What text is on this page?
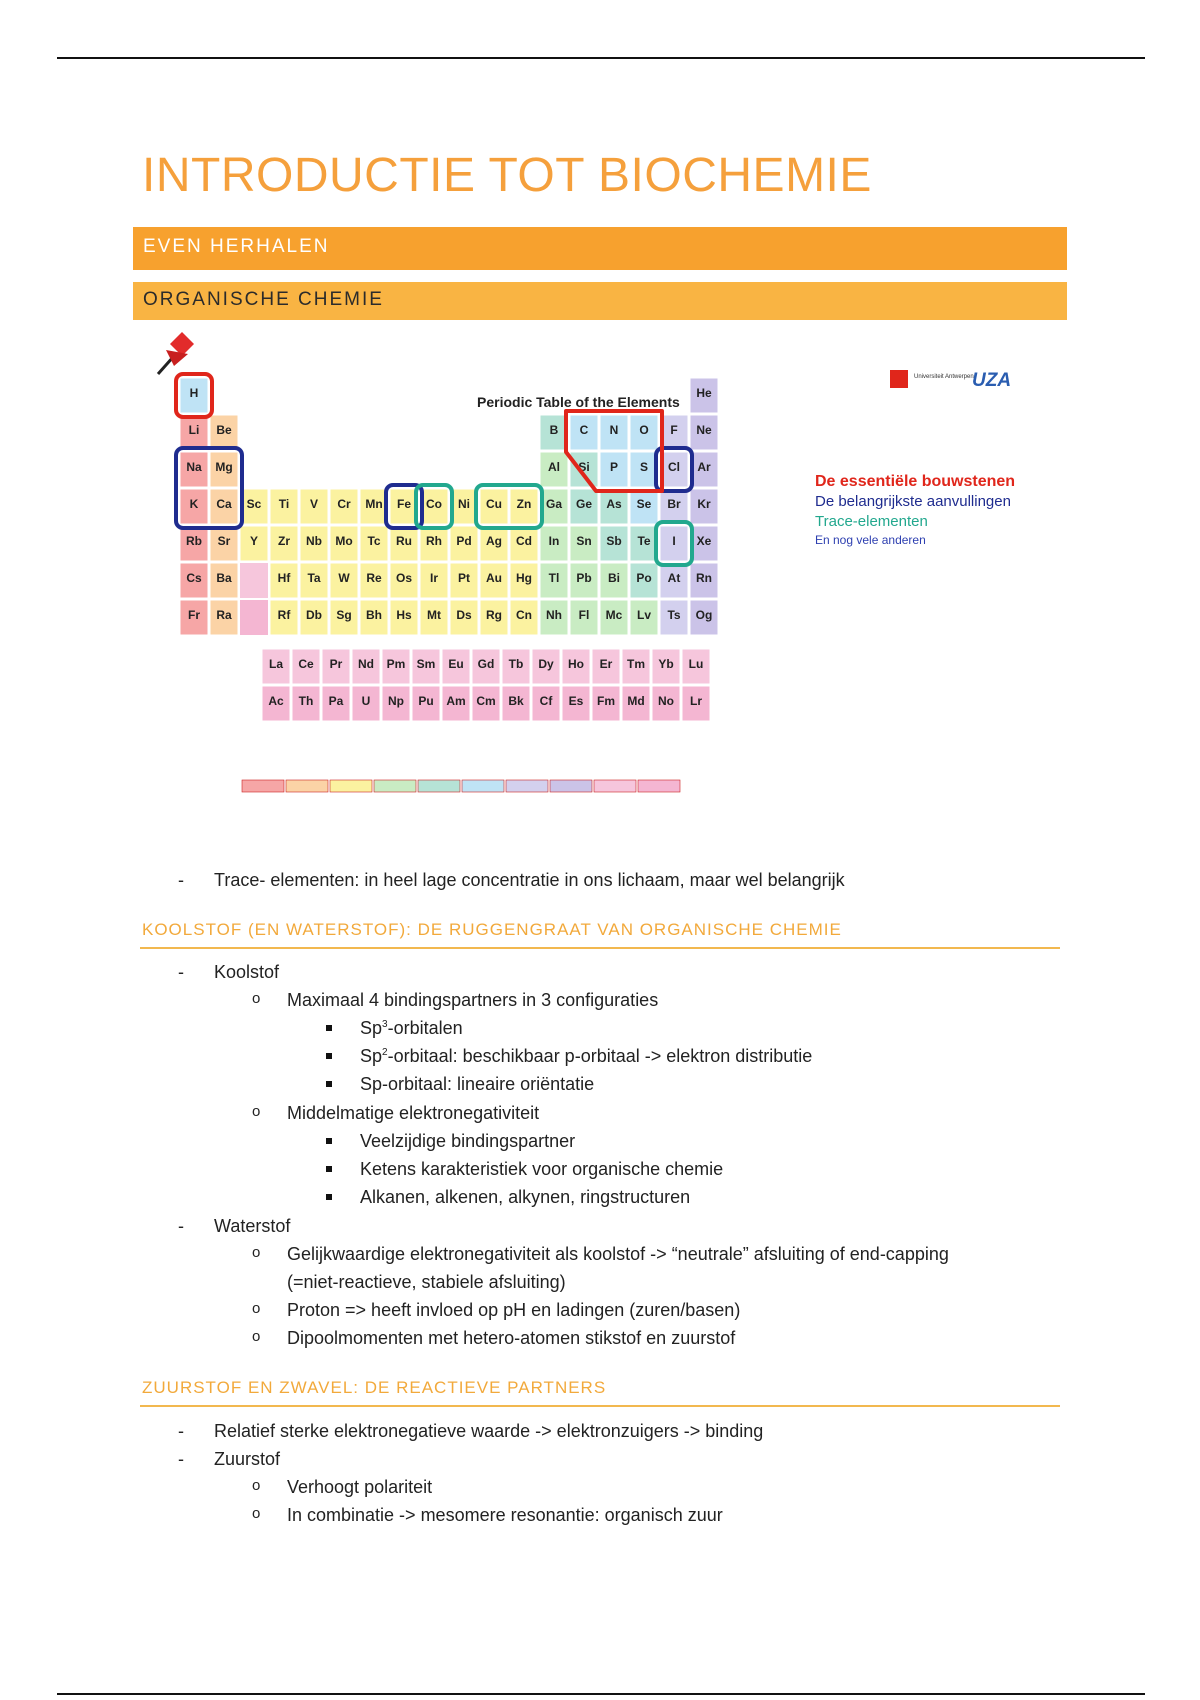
INTRODUCTIE TOT BIOCHEMIE
EVEN HERHALEN
ORGANISCHE CHEMIE
Periodic Table of the Elements
Universiteit Antwerpen
UZA
H	He
Li Be	B C N O F Ne
Na Mg	Al Si P S Cl Ar
K Ca Sc Ti V Cr Mn Fe Co Ni Cu Zn Ga Ge As Se Br Kr
Rb Sr Y Zr Nb Mo Tc Ru Rh Pd Ag Cd In Sn Sb Te I Xe
Cs Ba	Hf Ta W Re Os Ir Pt Au Hg Tl Pb Bi Po At Rn
Fr Ra	Rf Db Sg Bh Hs Mt Ds Rg Cn Nh Fl Mc Lv Ts Og
La Ce Pr Nd Pm Sm Eu Gd Tb Dy Ho Er Tm Yb Lu
Ac Th Pa U Np Pu Am Cm Bk Cf Es Fm Md No Lr
De essentiële bouwstenen
De belangrijkste aanvullingen
Trace-elementen
En nog vele anderen
- Trace- elementen: in heel lage concentratie in ons lichaam, maar wel belangrijk
KOOLSTOF (EN WATERSTOF): DE RUGGENGRAAT VAN ORGANISCHE CHEMIE
- Koolstof
o Maximaal 4 bindingspartners in 3 configuraties
Sp$^3$-orbitalen
Sp$^2$-orbitaal: beschikbaar p-orbitaal -> elektron distributie
Sp-orbitaal: lineaire oriëntatie
o Middelmatige elektronegativiteit
Veelzijdige bindingspartner
Ketens karakteristiek voor organische chemie
Alkanen, alkenen, alkynen, ringstructuren
- Waterstof
o Gelijkwaardige elektronegativiteit als koolstof -> “neutrale” afsluiting of end-capping
(=niet-reactieve, stabiele afsluiting)
o Proton => heeft invloed op pH en ladingen (zuren/basen)
o Dipoolmomenten met hetero-atomen stikstof en zuurstof
ZUURSTOF EN ZWAVEL: DE REACTIEVE PARTNERS
- Relatief sterke elektronegatieve waarde -> elektronzuigers -> binding
- Zuurstof
o Verhoogt polariteit
o In combinatie -> mesomere resonantie: organisch zuur
